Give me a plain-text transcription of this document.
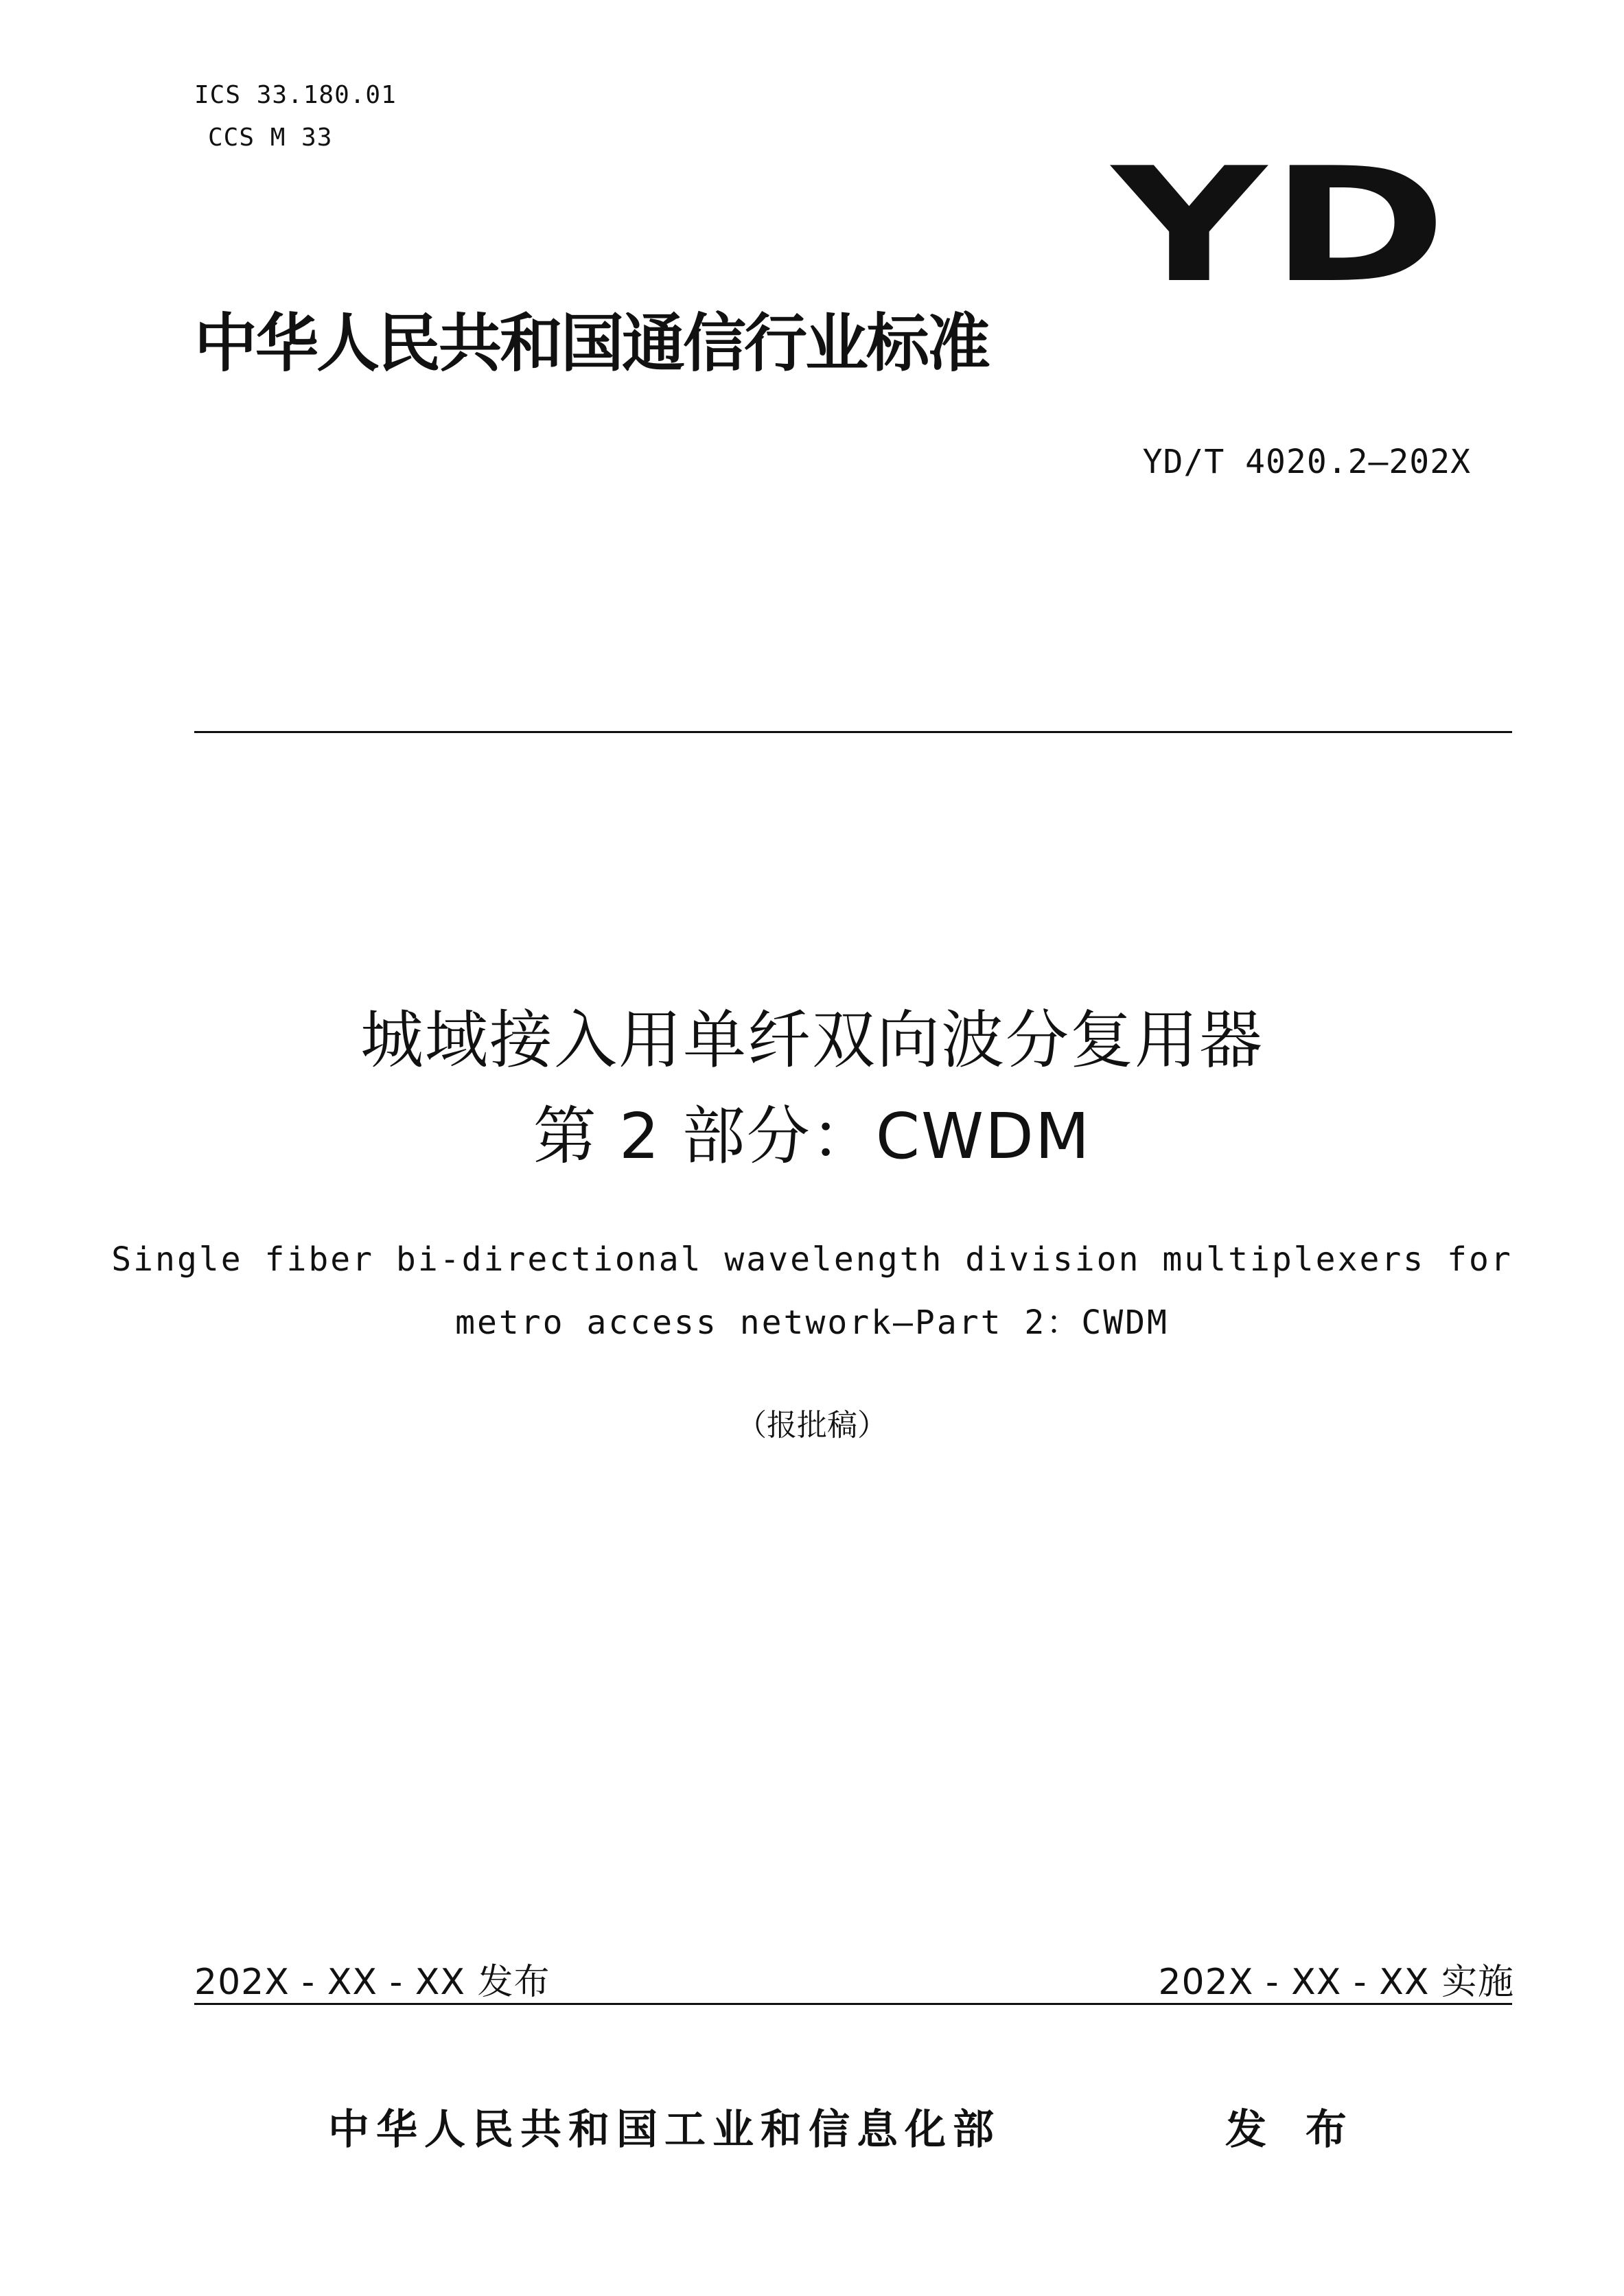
ICS 33.180.01
CCS M 33	YD
中华人民共和国通信行业标准
YD/T 4020.2—202X
城域接入用单纤双向波分复用器
第 2 部分：CWDM
Single fiber bi-directional wavelength division multiplexers for
metro access network—Part 2：CWDM
（报批稿）
202X - XX - XX 发布	202X - XX - XX 实施
中华人民共和国工业和信息化部	发 布
